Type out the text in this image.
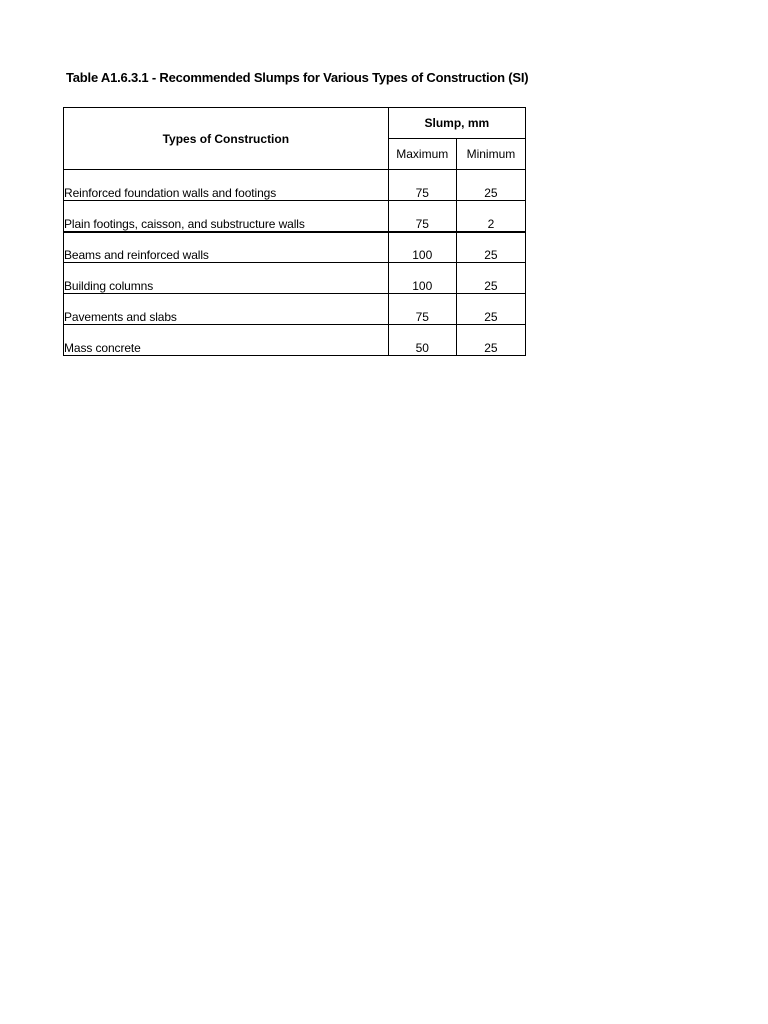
Table A1.6.3.1 - Recommended Slumps for Various Types of Construction (SI)
Types of Construction	Slump, mm	
	Maximum	Minimum
Reinforced foundation walls and footings	75	25
Plain footings, caisson, and substructure walls	75	2
Beams and reinforced walls	100	25
Building columns	100	25
Pavements and slabs	75	25
Mass concrete	50	25
